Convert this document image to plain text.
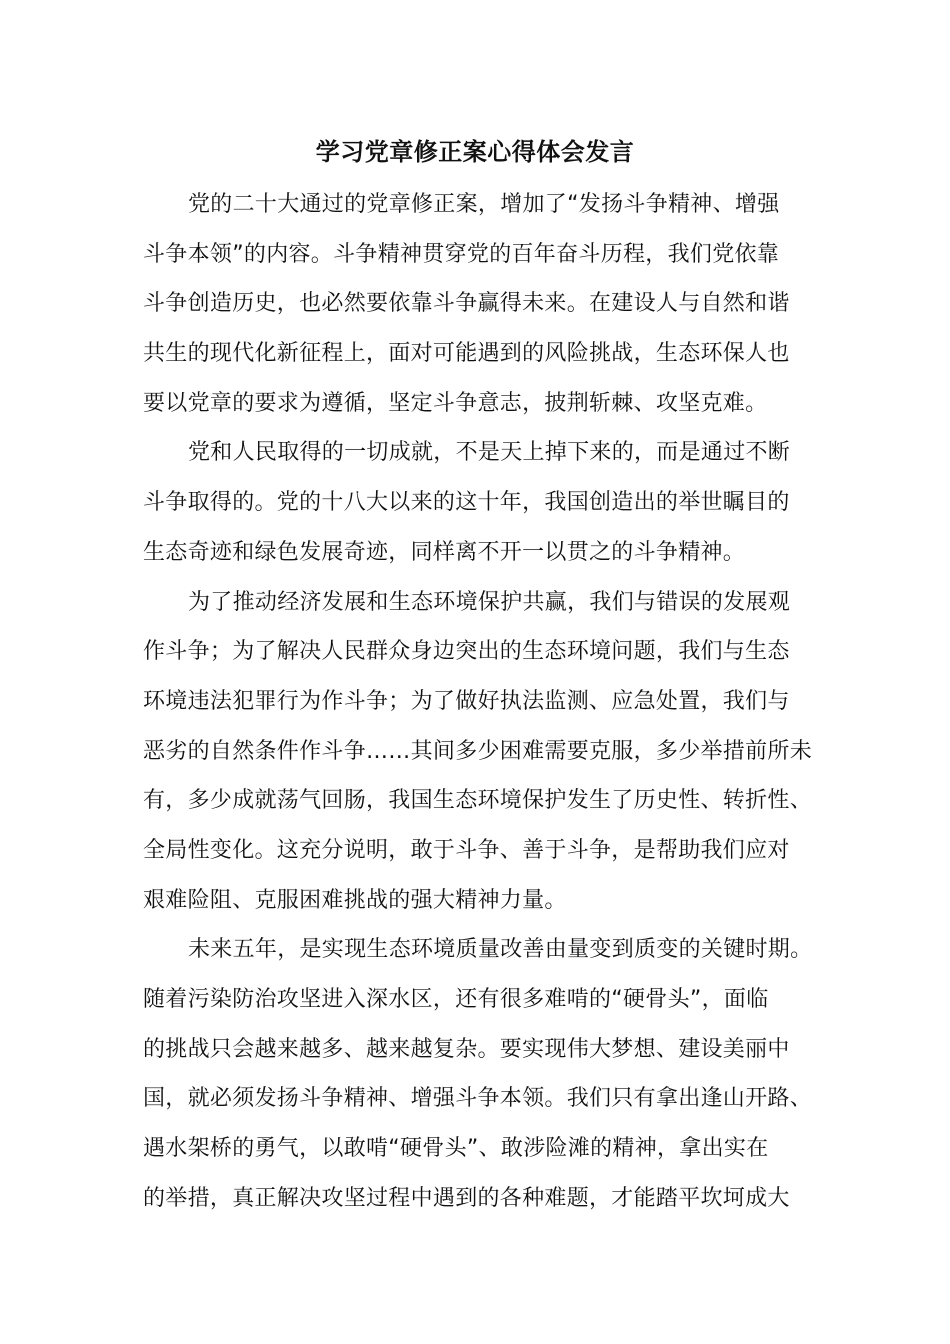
学习党章修正案心得体会发言
党的二十大通过的党章修正案，增加了“发扬斗争精神、增强
斗争本领”的内容。斗争精神贯穿党的百年奋斗历程，我们党依靠
斗争创造历史，也必然要依靠斗争赢得未来。在建设人与自然和谐
共生的现代化新征程上，面对可能遇到的风险挑战，生态环保人也
要以党章的要求为遵循，坚定斗争意志，披荆斩棘、攻坚克难。
党和人民取得的一切成就，不是天上掉下来的，而是通过不断
斗争取得的。党的十八大以来的这十年，我国创造出的举世瞩目的
生态奇迹和绿色发展奇迹，同样离不开一以贯之的斗争精神。
为了推动经济发展和生态环境保护共赢，我们与错误的发展观
作斗争；为了解决人民群众身边突出的生态环境问题，我们与生态
环境违法犯罪行为作斗争；为了做好执法监测、应急处置，我们与
恶劣的自然条件作斗争……其间多少困难需要克服，多少举措前所未
有，多少成就荡气回肠，我国生态环境保护发生了历史性、转折性、
全局性变化。这充分说明，敢于斗争、善于斗争，是帮助我们应对
艰难险阻、克服困难挑战的强大精神力量。
未来五年，是实现生态环境质量改善由量变到质变的关键时期。
随着污染防治攻坚进入深水区，还有很多难啃的“硬骨头”，面临
的挑战只会越来越多、越来越复杂。要实现伟大梦想、建设美丽中
国，就必须发扬斗争精神、增强斗争本领。我们只有拿出逢山开路、
遇水架桥的勇气，以敢啃“硬骨头”、敢涉险滩的精神，拿出实在
的举措，真正解决攻坚过程中遇到的各种难题，才能踏平坎坷成大
